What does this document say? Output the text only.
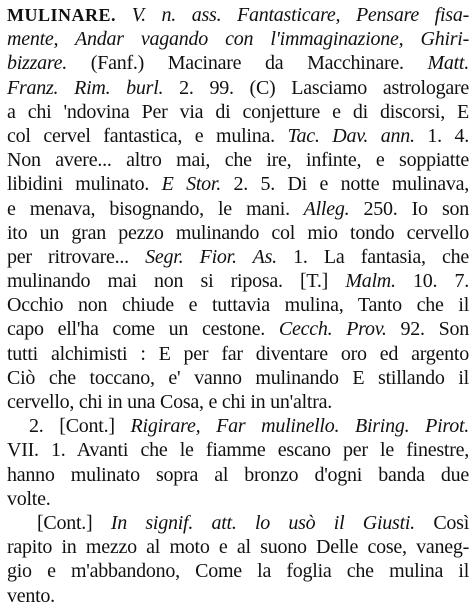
MULINARE. V. n. ass. Fantasticare, Pensare fisa-
mente, Andar vagando con l'immaginazione, Ghiri-
bizzare. (Fanf.) Macinare da Macchinare. Matt.
Franz. Rim. burl. 2. 99. (C) Lasciamo astrologare
a chi 'ndovina Per via di conjetture e di discorsi, E
col cervel fantastica, e mulina. Tac. Dav. ann. 1. 4.
Non avere... altro mai, che ire, infinte, e soppiatte
libidini mulinato. E Stor. 2. 5. Di e notte mulinava,
e menava, bisognando, le mani. Alleg. 250. Io son
ito un gran pezzo mulinando col mio tondo cervello
per ritrovare... Segr. Fior. As. 1. La fantasia, che
mulinando mai non si riposa. [T.] Malm. 10. 7.
Occhio non chiude e tuttavia mulina, Tanto che il
capo ell'ha come un cestone. Cecch. Prov. 92. Son
tutti alchimisti : E per far diventare oro ed argento
Ciò che toccano, e' vanno mulinando E stillando il
cervello, chi in una Cosa, e chi in un'altra.
2. [Cont.] Rigirare, Far mulinello. Biring. Pirot.
VII. 1. Avanti che le fiamme escano per le finestre,
hanno mulinato sopra al bronzo d'ogni banda due
volte.
[Cont.] In signif. att. lo usò il Giusti. Così
rapito in mezzo al moto e al suono Delle cose, vaneg-
gio e m'abbandono, Come la foglia che mulina il
vento.
